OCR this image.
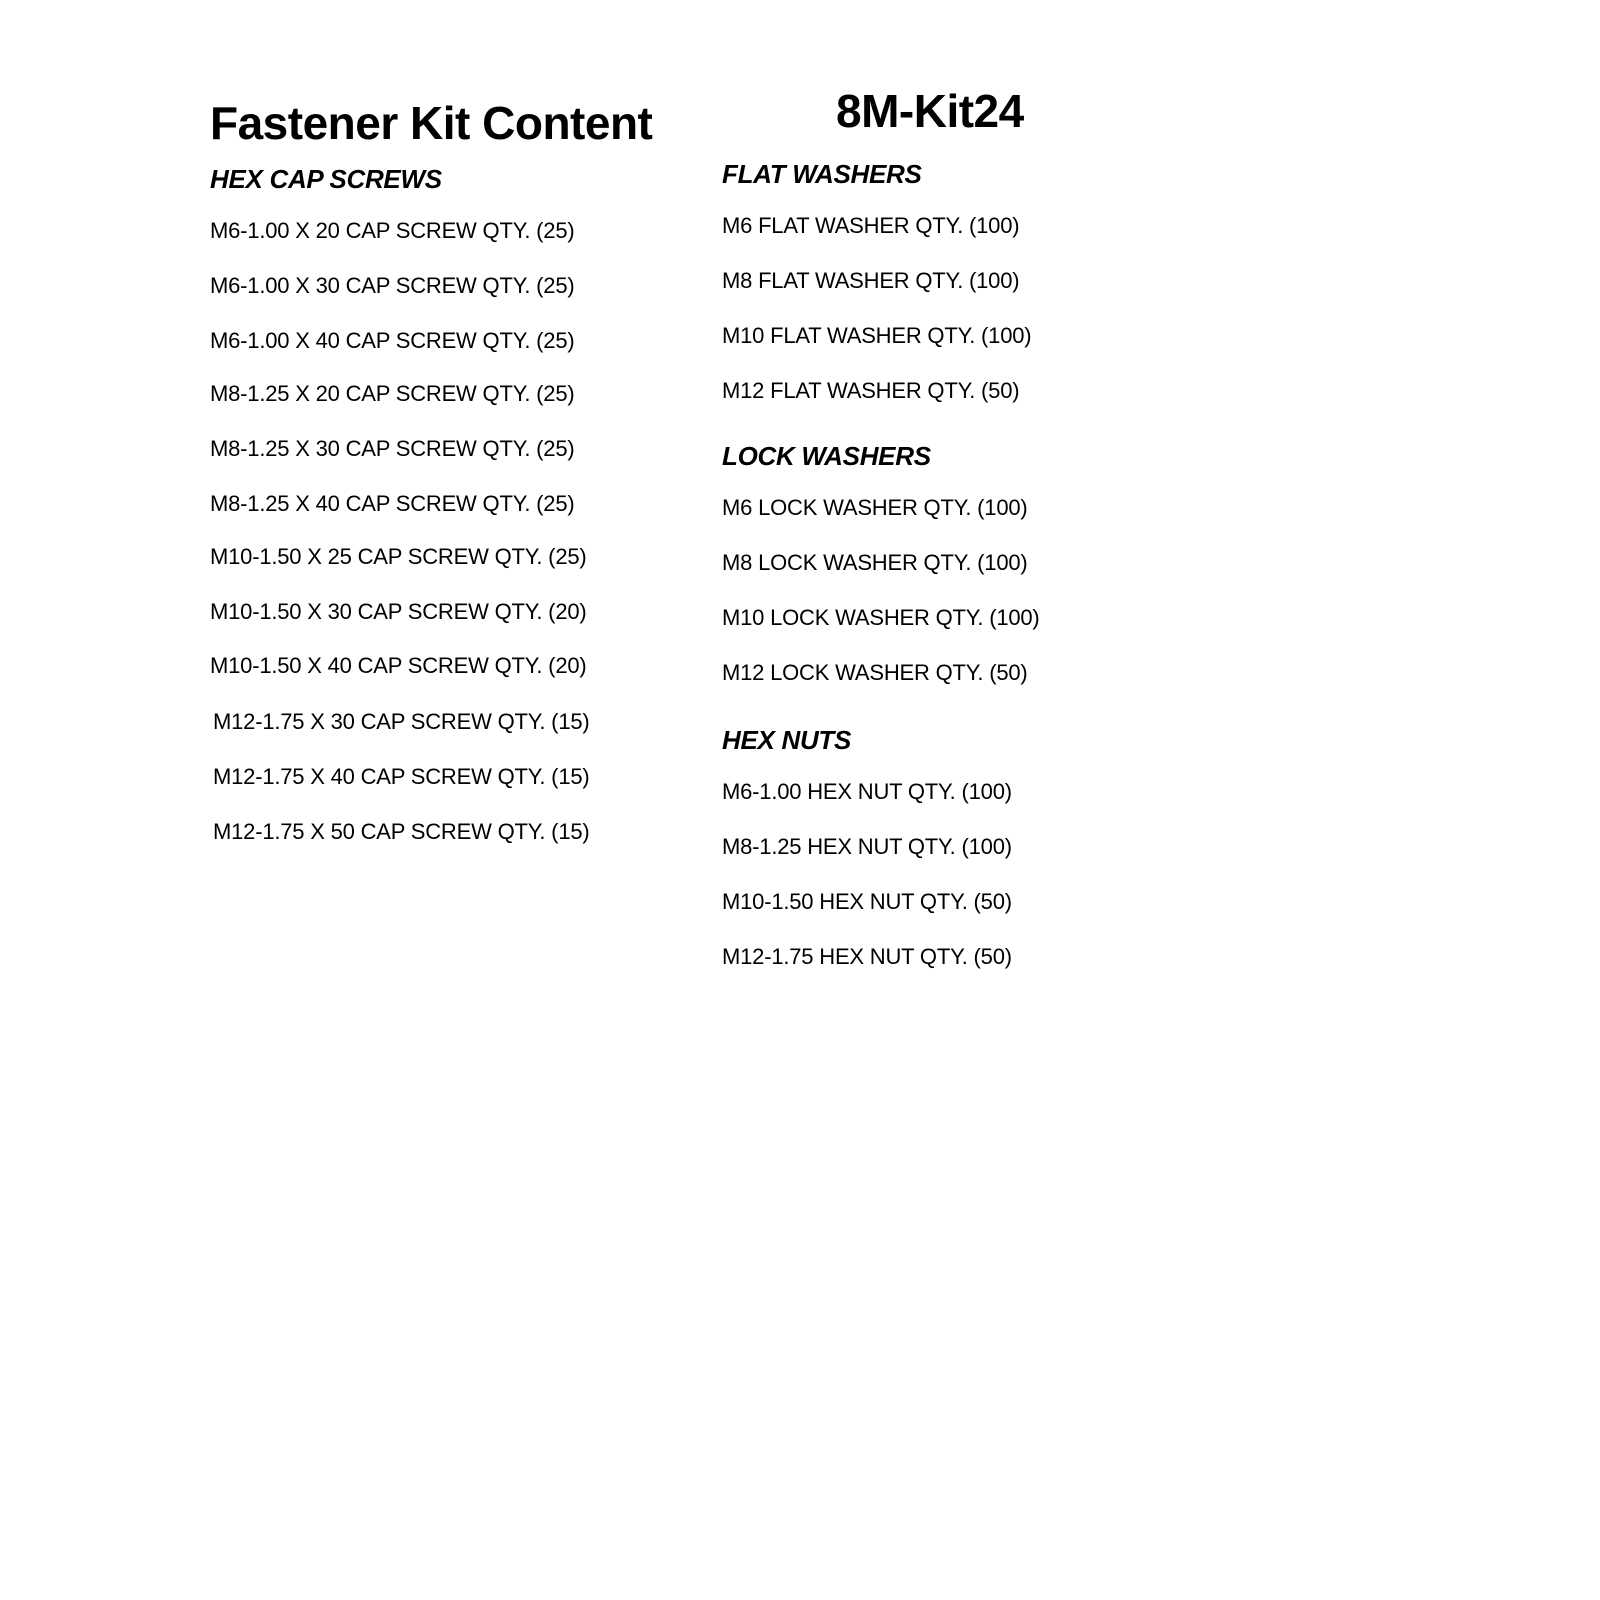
Fastener Kit Content	8M-Kit24
HEX CAP SCREWS
M6-1.00 X 20 CAP SCREW QTY. (25)
M6-1.00 X 30 CAP SCREW QTY. (25)
M6-1.00 X 40 CAP SCREW QTY. (25)
M8-1.25 X 20 CAP SCREW QTY. (25)
M8-1.25 X 30 CAP SCREW QTY. (25)
M8-1.25 X 40 CAP SCREW QTY. (25)
M10-1.50 X 25 CAP SCREW QTY. (25)
M10-1.50 X 30 CAP SCREW QTY. (20)
M10-1.50 X 40 CAP SCREW QTY. (20)
M12-1.75 X 30 CAP SCREW QTY. (15)
M12-1.75 X 40 CAP SCREW QTY. (15)
M12-1.75 X 50 CAP SCREW QTY. (15)
FLAT WASHERS
M6 FLAT WASHER QTY. (100)
M8 FLAT WASHER QTY. (100)
M10 FLAT WASHER QTY. (100)
M12 FLAT WASHER QTY. (50)
LOCK WASHERS
M6 LOCK WASHER QTY. (100)
M8 LOCK WASHER QTY. (100)
M10 LOCK WASHER QTY. (100)
M12 LOCK WASHER QTY. (50)
HEX NUTS
M6-1.00 HEX NUT QTY. (100)
M8-1.25 HEX NUT QTY. (100)
M10-1.50 HEX NUT QTY. (50)
M12-1.75 HEX NUT QTY. (50)
